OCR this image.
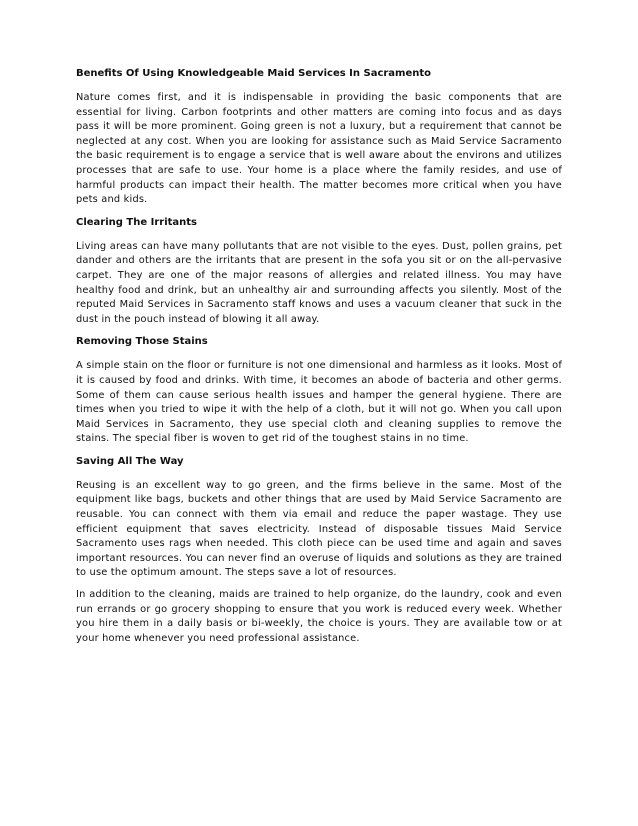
Benefits Of Using Knowledgeable Maid Services In Sacramento

Nature comes first, and it is indispensable in providing the basic components that are essential for living. Carbon footprints and other matters are coming into focus and as days pass it will be more prominent. Going green is not a luxury, but a requirement that cannot be neglected at any cost. When you are looking for assistance such as Maid Service Sacramento the basic requirement is to engage a service that is well aware about the environs and utilizes processes that are safe to use. Your home is a place where the family resides, and use of harmful products can impact their health. The matter becomes more critical when you have pets and kids.

Clearing The Irritants

Living areas can have many pollutants that are not visible to the eyes. Dust, pollen grains, pet dander and others are the irritants that are present in the sofa you sit or on the all-pervasive carpet. They are one of the major reasons of allergies and related illness. You may have healthy food and drink, but an unhealthy air and surrounding affects you silently. Most of the reputed Maid Services in Sacramento staff knows and uses a vacuum cleaner that suck in the dust in the pouch instead of blowing it all away.

Removing Those Stains

A simple stain on the floor or furniture is not one dimensional and harmless as it looks. Most of it is caused by food and drinks. With time, it becomes an abode of bacteria and other germs. Some of them can cause serious health issues and hamper the general hygiene. There are times when you tried to wipe it with the help of a cloth, but it will not go. When you call upon Maid Services in Sacramento, they use special cloth and cleaning supplies to remove the stains. The special fiber is woven to get rid of the toughest stains in no time.

Saving All The Way

Reusing is an excellent way to go green, and the firms believe in the same. Most of the equipment like bags, buckets and other things that are used by Maid Service Sacramento are reusable. You can connect with them via email and reduce the paper wastage. They use efficient equipment that saves electricity. Instead of disposable tissues Maid Service Sacramento uses rags when needed. This cloth piece can be used time and again and saves important resources. You can never find an overuse of liquids and solutions as they are trained to use the optimum amount. The steps save a lot of resources.

In addition to the cleaning, maids are trained to help organize, do the laundry, cook and even run errands or go grocery shopping to ensure that you work is reduced every week. Whether you hire them in a daily basis or bi-weekly, the choice is yours. They are available tow or at your home whenever you need professional assistance.
